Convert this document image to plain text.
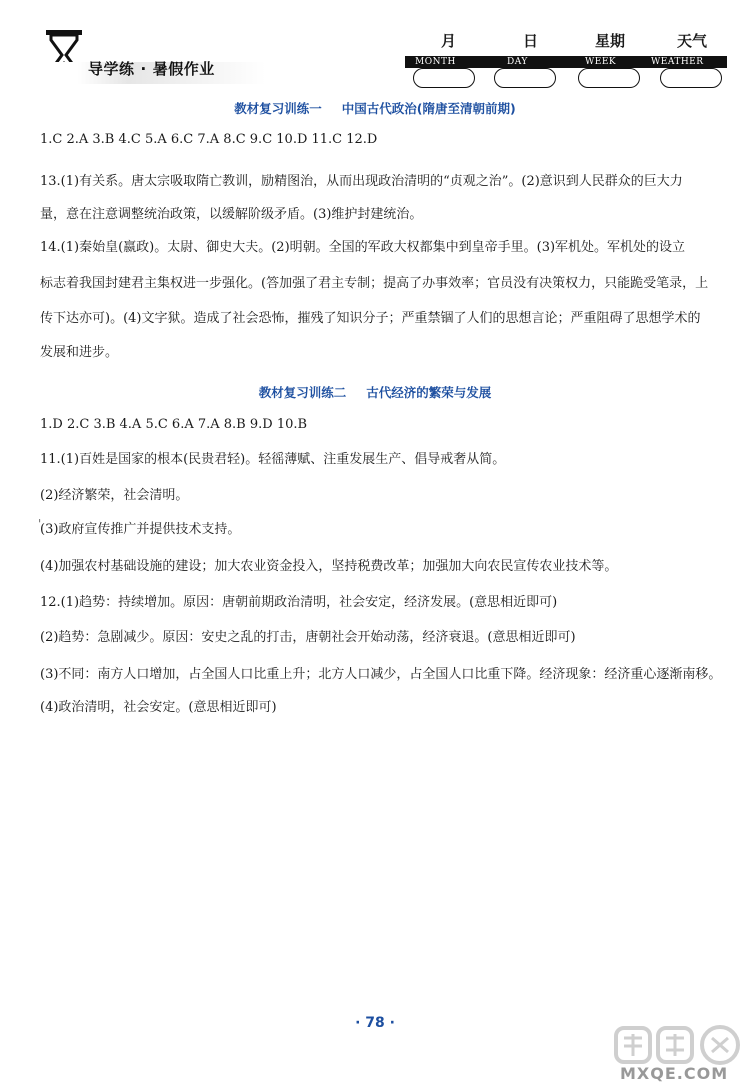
导学练 · 暑假作业
月	日	星期	天气
MONTH	DAY	WEEK	WEATHER
教材复习训练一 中国古代政治(隋唐至清朝前期)
1.C 2.A 3.B 4.C 5.A 6.C 7.A 8.C 9.C 10.D 11.C 12.D
13.(1)有关系。唐太宗吸取隋亡教训，励精图治，从而出现政治清明的“贞观之治”。(2)意识到人民群众的巨大力
量，意在注意调整统治政策，以缓解阶级矛盾。(3)维护封建统治。
14.(1)秦始皇(嬴政)。太尉、御史大夫。(2)明朝。全国的军政大权都集中到皇帝手里。(3)军机处。军机处的设立
标志着我国封建君主集权进一步强化。(答加强了君主专制；提高了办事效率；官员没有决策权力，只能跪受笔录，上
传下达亦可)。(4)文字狱。造成了社会恐怖，摧残了知识分子；严重禁锢了人们的思想言论；严重阻碍了思想学术的
发展和进步。
教材复习训练二 古代经济的繁荣与发展
1.D 2.C 3.B 4.A 5.C 6.A 7.A 8.B 9.D 10.B
11.(1)百姓是国家的根本(民贵君轻)。轻徭薄赋、注重发展生产、倡导戒奢从简。
(2)经济繁荣，社会清明。
'
(3)政府宣传推广并提供技术支持。
(4)加强农村基础设施的建设；加大农业资金投入，坚持税费改革；加强加大向农民宣传农业技术等。
12.(1)趋势：持续增加。原因：唐朝前期政治清明，社会安定，经济发展。(意思相近即可)
(2)趋势：急剧减少。原因：安史之乱的打击，唐朝社会开始动荡，经济衰退。(意思相近即可)
(3)不同：南方人口增加，占全国人口比重上升；北方人口减少，占全国人口比重下降。经济现象：经济重心逐渐南移。
(4)政治清明，社会安定。(意思相近即可)
· 78 ·
MXQE.COM
